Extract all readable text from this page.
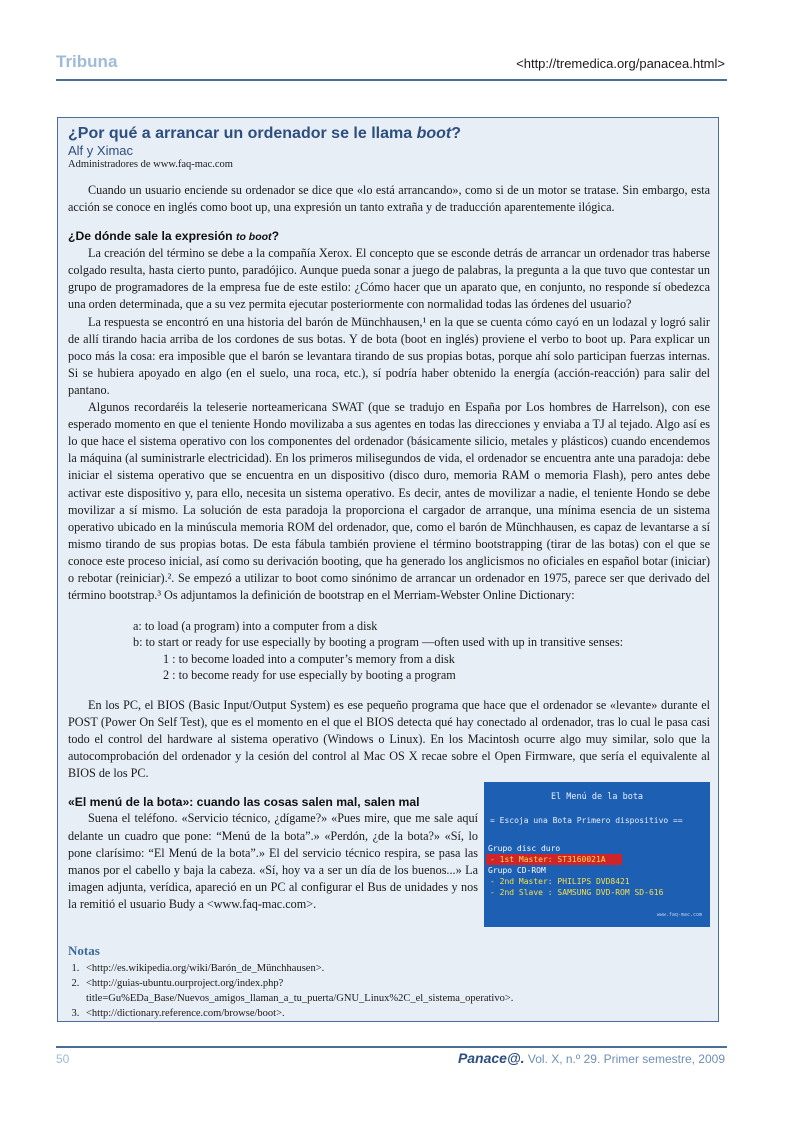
Tribuna	<http://tremedica.org/panacea.html>
¿Por qué a arrancar un ordenador se le llama boot?
Alf y Ximac
Administradores de www.faq-mac.com

Cuando un usuario enciende su ordenador se dice que «lo está arrancando», como si de un motor se tratase. Sin embargo, esta acción se conoce en inglés como boot up, una expresión un tanto extraña y de traducción aparentemente ilógica.

¿De dónde sale la expresión to boot?

La creación del término se debe a la compañía Xerox. El concepto que se esconde detrás de arrancar un ordenador tras haberse colgado resulta, hasta cierto punto, paradójico. Aunque pueda sonar a juego de palabras, la pregunta a la que tuvo que contestar un grupo de programadores de la empresa fue de este estilo: ¿Cómo hacer que un aparato que, en conjunto, no responde sí obedezca una orden determinada, que a su vez permita ejecutar posteriormente con normalidad todas las órdenes del usuario?

La respuesta se encontró en una historia del barón de Münchhausen,¹ en la que se cuenta cómo cayó en un lodazal y logró salir de allí tirando hacia arriba de los cordones de sus botas. Y de bota (boot en inglés) proviene el verbo to boot up. Para explicar un poco más la cosa: era imposible que el barón se levantara tirando de sus propias botas, porque ahí solo participan fuerzas internas. Si se hubiera apoyado en algo (en el suelo, una roca, etc.), sí podría haber obtenido la energía (acción-reacción) para salir del pantano.

Algunos recordaréis la teleserie norteamericana SWAT (que se tradujo en España por Los hombres de Harrelson), con ese esperado momento en que el teniente Hondo movilizaba a sus agentes en todas las direcciones y enviaba a TJ al tejado. Algo así es lo que hace el sistema operativo con los componentes del ordenador (básicamente silicio, metales y plásticos) cuando encendemos la máquina (al suministrarle electricidad). En los primeros milisegundos de vida, el ordenador se encuentra ante una paradoja: debe iniciar el sistema operativo que se encuentra en un dispositivo (disco duro, memoria RAM o memoria Flash), pero antes debe activar este dispositivo y, para ello, necesita un sistema operativo. Es decir, antes de movilizar a nadie, el teniente Hondo se debe movilizar a sí mismo. La solución de esta paradoja la proporciona el cargador de arranque, una mínima esencia de un sistema operativo ubicado en la minúscula memoria ROM del ordenador, que, como el barón de Münchhausen, es capaz de levantarse a sí mismo tirando de sus propias botas. De esta fábula también proviene el término bootstrapping (tirar de las botas) con el que se conoce este proceso inicial, así como su derivación booting, que ha generado los anglicismos no oficiales en español botar (iniciar) o rebotar (reiniciar).². Se empezó a utilizar to boot como sinónimo de arrancar un ordenador en 1975, parece ser que derivado del término bootstrap.³ Os adjuntamos la definición de bootstrap en el Merriam-Webster Online Dictionary:

a: to load (a program) into a computer from a disk
b: to start or ready for use especially by booting a program —often used with up in transitive senses:
1 : to become loaded into a computer’s memory from a disk
2 : to become ready for use especially by booting a program

En los PC, el BIOS (Basic Input/Output System) es ese pequeño programa que hace que el ordenador se «levante» durante el POST (Power On Self Test), que es el momento en el que el BIOS detecta qué hay conectado al ordenador, tras lo cual le pasa casi todo el control del hardware al sistema operativo (Windows o Linux). En los Macintosh ocurre algo muy similar, solo que la autocomprobación del ordenador y la cesión del control al Mac OS X recae sobre el Open Firmware, que sería el equivalente al BIOS de los PC.

El Menú de la bota
= Escoja una Bota Primero dispositivo ==
Grupo disc duro
- 1st Master: ST3160021A
Grupo CD-ROM
- 2nd Master: PHILIPS DVD8421
- 2nd Slave : SAMSUNG DVD-ROM SD-616
www.faq-mac.com
«El menú de la bota»: cuando las cosas salen mal, salen mal

Suena el teléfono. «Servicio técnico, ¿dígame?» «Pues mire, que me sale aquí delante un cuadro que pone: “Menú de la bota”.» «Perdón, ¿de la bota?» «Sí, lo pone clarísimo: “El Menú de la bota”.» El del servicio técnico respira, se pasa las manos por el cabello y baja la cabeza. «Sí, hoy va a ser un día de los buenos...» La imagen adjunta, verídica, apareció en un PC al configurar el Bus de unidades y nos la remitió el usuario Budy a <www.faq-mac.com>.

Notas
1. <http://es.wikipedia.org/wiki/Barón_de_Münchhausen>.
2. <http://guias-ubuntu.ourproject.org/index.php?title=Gu%EDa_Base/Nuevos_amigos_llaman_a_tu_puerta/GNU_Linux%2C_el_sistema_operativo>.
3. <http://dictionary.reference.com/browse/boot>.
50	Panace@. Vol. X, n.º 29. Primer semestre, 2009
